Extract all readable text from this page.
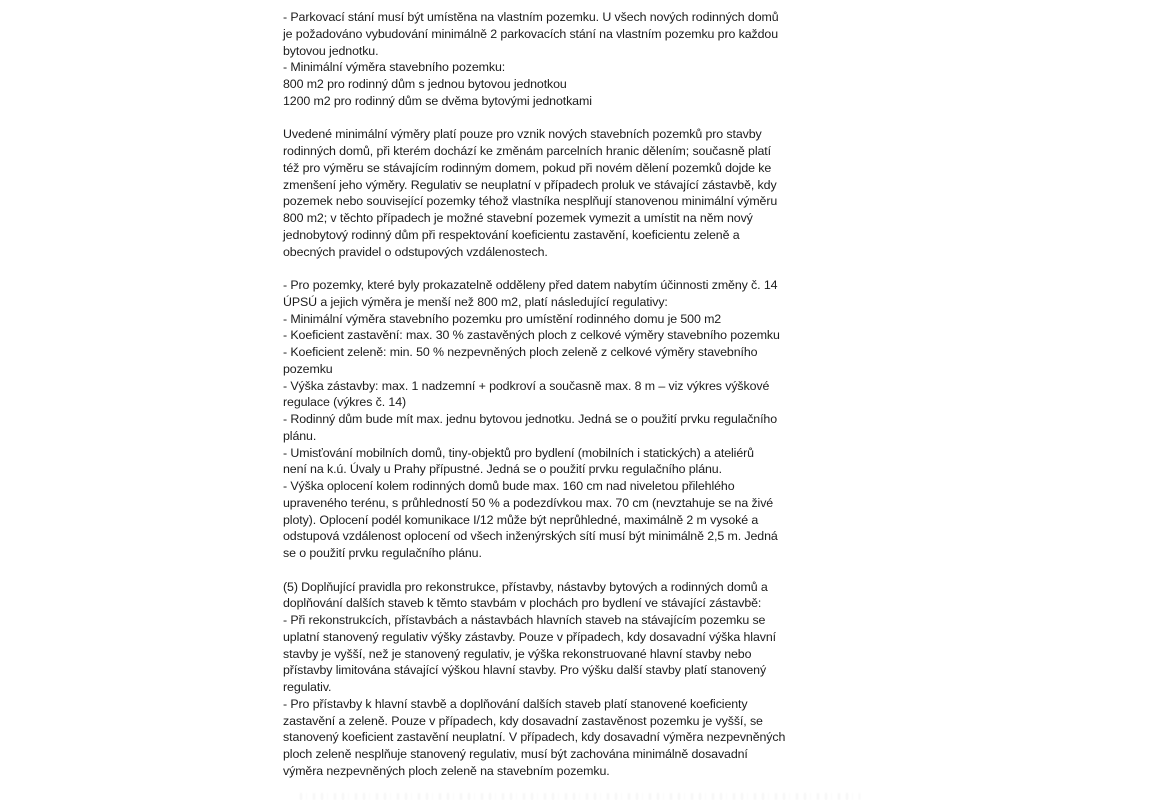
- Parkovací stání musí být umístěna na vlastním pozemku. U všech nových rodinných domů
je požadováno vybudování minimálně 2 parkovacích stání na vlastním pozemku pro každou
bytovou jednotku.
- Minimální výměra stavebního pozemku:
800 m2 pro rodinný dům s jednou bytovou jednotkou
1200 m2 pro rodinný dům se dvěma bytovými jednotkami
Uvedené minimální výměry platí pouze pro vznik nových stavebních pozemků pro stavby
rodinných domů, při kterém dochází ke změnám parcelních hranic dělením; současně platí
též pro výměru se stávajícím rodinným domem, pokud při novém dělení pozemků dojde ke
zmenšení jeho výměry. Regulativ se neuplatní v případech proluk ve stávající zástavbě, kdy
pozemek nebo související pozemky téhož vlastníka nesplňují stanovenou minimální výměru
800 m2; v těchto případech je možné stavební pozemek vymezit a umístit na něm nový
jednobytový rodinný dům při respektování koeficientu zastavění, koeficientu zeleně a
obecných pravidel o odstupových vzdálenostech.
- Pro pozemky, které byly prokazatelně odděleny před datem nabytím účinnosti změny č. 14
ÚPSÚ a jejich výměra je menší než 800 m2, platí následující regulativy:
- Minimální výměra stavebního pozemku pro umístění rodinného domu je 500 m2
- Koeficient zastavění: max. 30 % zastavěných ploch z celkové výměry stavebního pozemku
- Koeficient zeleně: min. 50 % nezpevněných ploch zeleně z celkové výměry stavebního
pozemku
- Výška zástavby: max. 1 nadzemní + podkroví a současně max. 8 m – viz výkres výškové
regulace (výkres č. 14)
- Rodinný dům bude mít max. jednu bytovou jednotku. Jedná se o použití prvku regulačního
plánu.
- Umisťování mobilních domů, tiny-objektů pro bydlení (mobilních i statických) a ateliérů
není na k.ú. Úvaly u Prahy přípustné. Jedná se o použití prvku regulačního plánu.
- Výška oplocení kolem rodinných domů bude max. 160 cm nad niveletou přilehlého
upraveného terénu, s průhledností 50 % a podezdívkou max. 70 cm (nevztahuje se na živé
ploty). Oplocení podél komunikace I/12 může být neprůhledné, maximálně 2 m vysoké a
odstupová vzdálenost oplocení od všech inženýrských sítí musí být minimálně 2,5 m. Jedná
se o použití prvku regulačního plánu.
(5) Doplňující pravidla pro rekonstrukce, přístavby, nástavby bytových a rodinných domů a
doplňování dalších staveb k těmto stavbám v plochách pro bydlení ve stávající zástavbě:
- Při rekonstrukcích, přístavbách a nástavbách hlavních staveb na stávajícím pozemku se
uplatní stanovený regulativ výšky zástavby. Pouze v případech, kdy dosavadní výška hlavní
stavby je vyšší, než je stanovený regulativ, je výška rekonstruované hlavní stavby nebo
přístavby limitována stávající výškou hlavní stavby. Pro výšku další stavby platí stanovený
regulativ.
- Pro přístavby k hlavní stavbě a doplňování dalších staveb platí stanovené koeficienty
zastavění a zeleně. Pouze v případech, kdy dosavadní zastavěnost pozemku je vyšší, se
stanovený koeficient zastavění neuplatní. V případech, kdy dosavadní výměra nezpevněných
ploch zeleně nesplňuje stanovený regulativ, musí být zachována minimálně dosavadní
výměra nezpevněných ploch zeleně na stavebním pozemku.
